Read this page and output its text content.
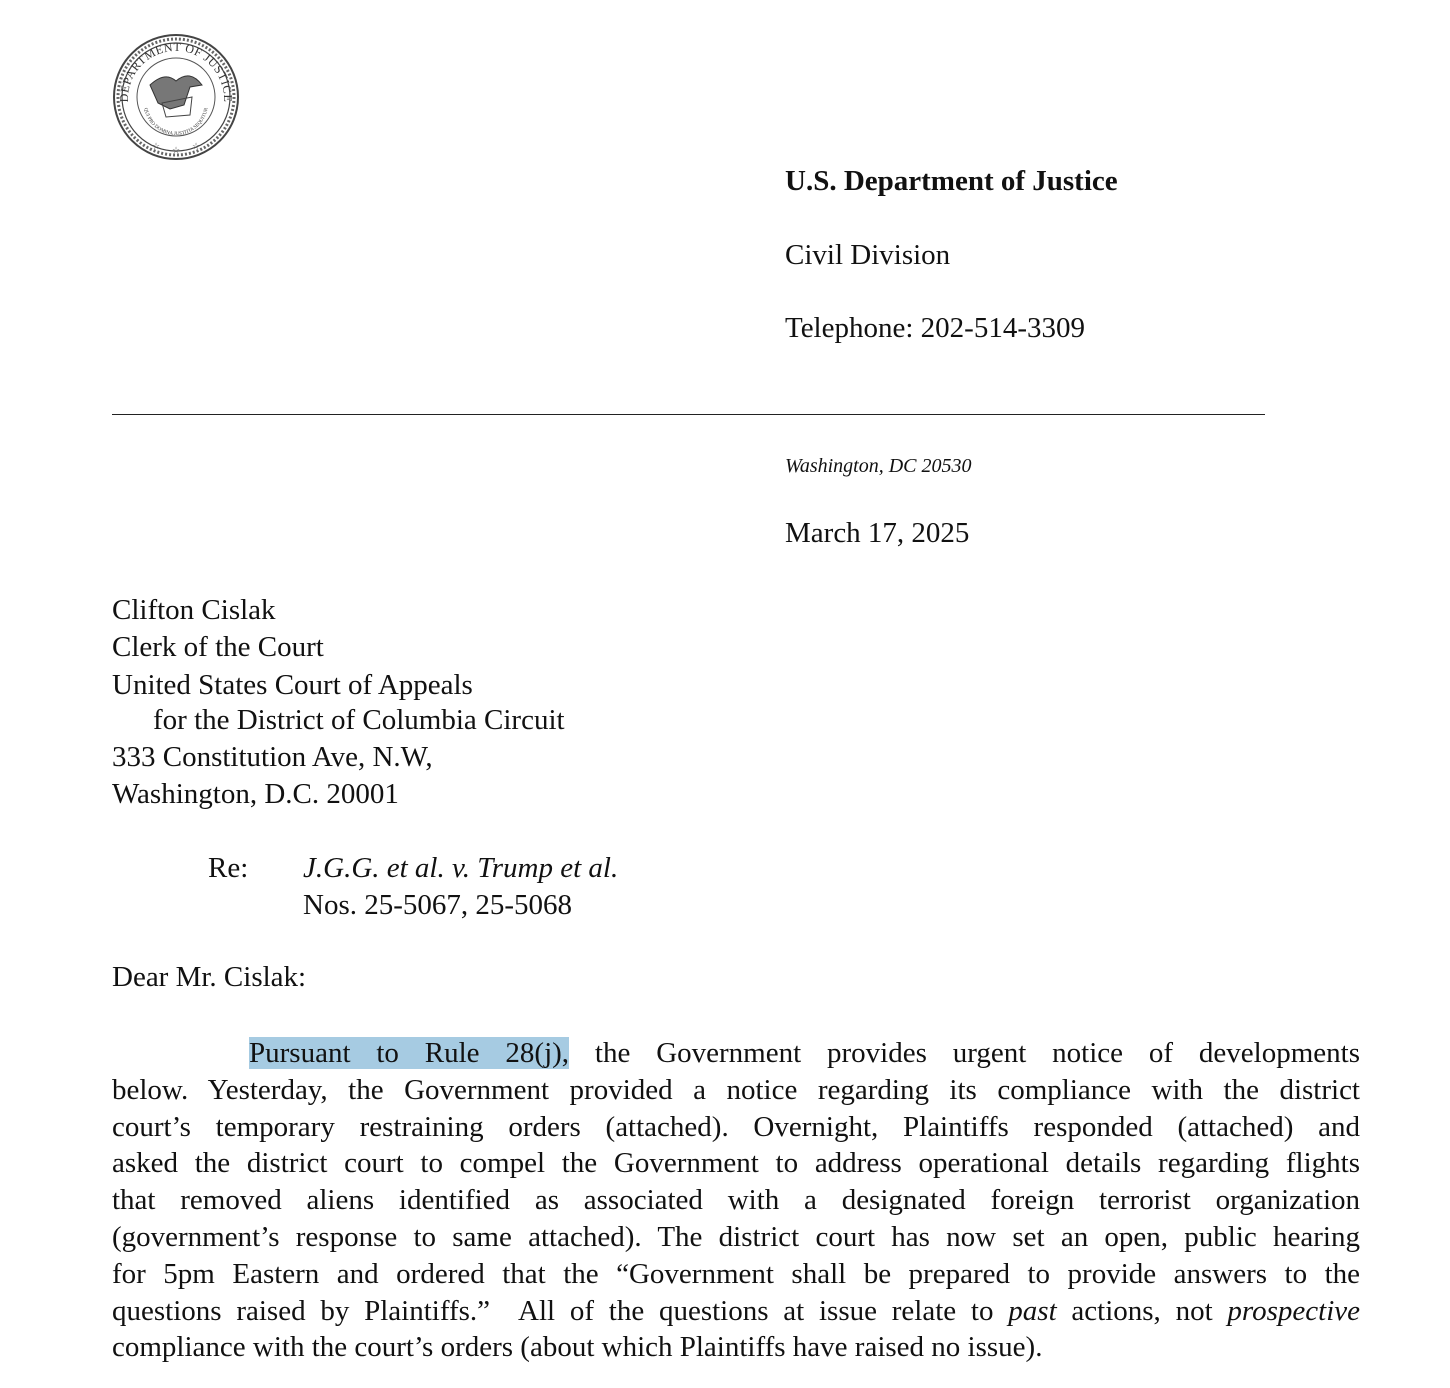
DEPARTMENT OF JUSTICE
QUI PRO DOMINA JUSTITIA SEQUITUR
☆ ☆ ☆
U.S. Department of Justice
Civil Division
Telephone: 202-514-3309
Washington, DC 20530
March 17, 2025
Clifton Cislak
Clerk of the Court
United States Court of Appeals
for the District of Columbia Circuit
333 Constitution Ave, N.W,
Washington, D.C. 20001
Re: J.G.G. et al. v. Trump et al.
Nos. 25-5067, 25-5068
Dear Mr. Cislak:
Pursuant to Rule 28(j), the Government provides urgent notice of developments
below. Yesterday, the Government provided a notice regarding its compliance with the district
court’s temporary restraining orders (attached). Overnight, Plaintiffs responded (attached) and
asked the district court to compel the Government to address operational details regarding flights
that removed aliens identified as associated with a designated foreign terrorist organization
(government’s response to same attached). The district court has now set an open, public hearing
for 5pm Eastern and ordered that the “Government shall be prepared to provide answers to the
questions raised by Plaintiffs.”  All of the questions at issue relate to past actions, not prospective
compliance with the court’s orders (about which Plaintiffs have raised no issue).
